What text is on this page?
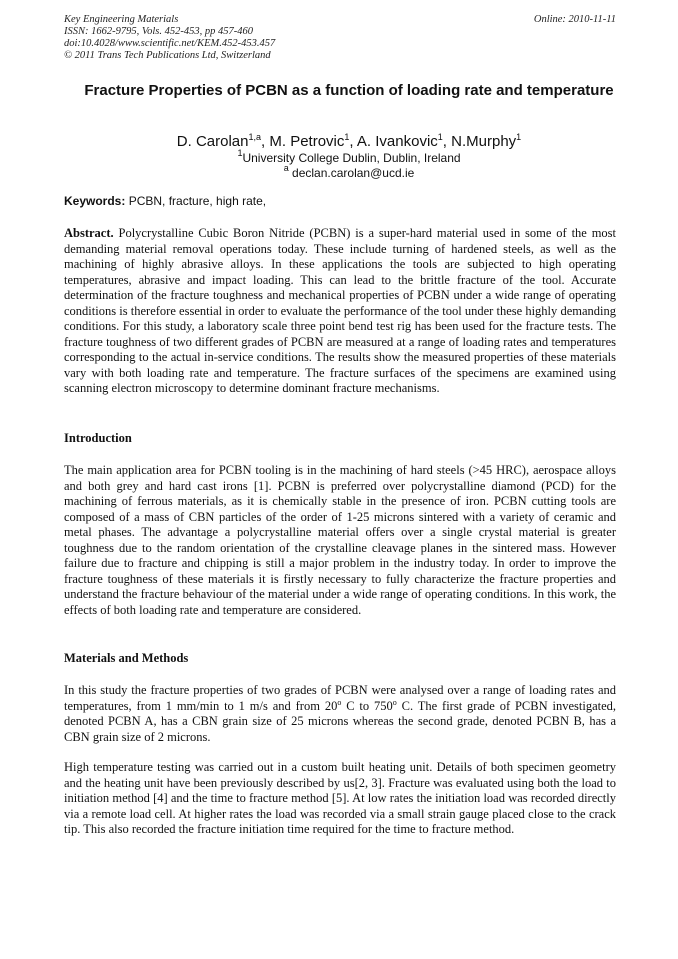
Key Engineering Materials
ISSN: 1662-9795, Vols. 452-453, pp 457-460
doi:10.4028/www.scientific.net/KEM.452-453.457
© 2011 Trans Tech Publications Ltd, Switzerland
Online: 2010-11-11
Fracture Properties of PCBN as a function of loading rate and temperature
D. Carolan$^{1,a}$, M. Petrovic$^1$, A. Ivankovic$^1$, N.Murphy$^1$
$^1$University College Dublin, Dublin, Ireland
$^a$ declan.carolan@ucd.ie
Keywords: PCBN, fracture, high rate,

Abstract. Polycrystalline Cubic Boron Nitride (PCBN) is a super-hard material used in some of the most demanding material removal operations today. These include turning of hardened steels, as well as the machining of highly abrasive alloys. In these applications the tools are subjected to high operating temperatures, abrasive and impact loading. This can lead to the brittle fracture of the tool. Accurate determination of the fracture toughness and mechanical properties of PCBN under a wide range of operating conditions is therefore essential in order to evaluate the performance of the tool under these highly demanding conditions. For this study, a laboratory scale three point bend test rig has been used for the fracture tests. The fracture toughness of two different grades of PCBN are measured at a range of loading rates and temperatures corresponding to the actual in-service conditions. The results show the measured properties of these materials vary with both loading rate and temperature. The fracture surfaces of the specimens are examined using scanning electron microscopy to determine dominant fracture mechanisms.

Introduction

The main application area for PCBN tooling is in the machining of hard steels (>45 HRC), aerospace alloys and both grey and hard cast irons [1]. PCBN is preferred over polycrystalline diamond (PCD) for the machining of ferrous materials, as it is chemically stable in the presence of iron. PCBN cutting tools are composed of a mass of CBN particles of the order of 1-25 microns sintered with a variety of ceramic and metal phases. The advantage a polycrystalline material offers over a single crystal material is greater toughness due to the random orientation of the crystalline cleavage planes in the sintered mass. However failure due to fracture and chipping is still a major problem in the industry today. In order to improve the fracture toughness of these materials it is firstly necessary to fully characterize the fracture properties and understand the fracture behaviour of the material under a wide range of operating conditions. In this work, the effects of both loading rate and temperature are considered.

Materials and Methods

In this study the fracture properties of two grades of PCBN were analysed over a range of loading rates and temperatures, from 1 mm/min to 1 m/s and from 20$^o$ C to 750$^o$ C. The first grade of PCBN investigated, denoted PCBN A, has a CBN grain size of 25 microns whereas the second grade, denoted PCBN B, has a CBN grain size of 2 microns.

High temperature testing was carried out in a custom built heating unit. Details of both specimen geometry and the heating unit have been previously described by us[2, 3]. Fracture was evaluated using both the load to initiation method [4] and the time to fracture method [5]. At low rates the initiation load was recorded directly via a remote load cell. At higher rates the load was recorded via a small strain gauge placed close to the crack tip. This also recorded the fracture initiation time required for the time to fracture method.
